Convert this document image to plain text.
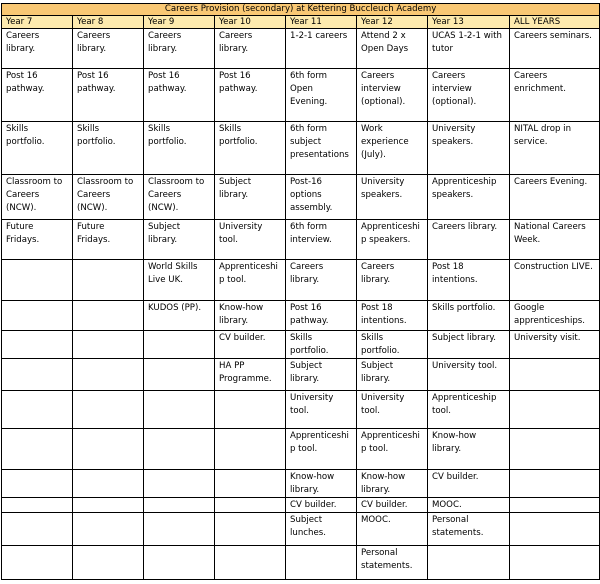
Careers Provision (secondary) at Kettering Buccleuch Academy							
Year 7	Year 8	Year 9	Year 10	Year 11	Year 12	Year 13	ALL YEARS
Careers library.	Careers library.	Careers library.	Careers library.	1-2-1 careers	Attend 2 x Open Days	UCAS 1-2-1 with tutor	Careers seminars.
Post 16 pathway.	Post 16 pathway.	Post 16 pathway.	Post 16 pathway.	6th form Open Evening.	Careers interview (optional).	Careers interview (optional).	Careers enrichment.
Skills portfolio.	Skills portfolio.	Skills portfolio.	Skills portfolio.	6th form subject presentations	Work experience (July).	University speakers.	NITAL drop in service.
Classroom to Careers (NCW).	Classroom to Careers (NCW).	Classroom to Careers (NCW).	Subject library.	Post-16 options assembly.	University speakers.	Apprenticeship speakers.	Careers Evening.
Future Fridays.	Future Fridays.	Subject library.	University tool.	6th form interview.	Apprenticeship speakers.	Careers library.	National Careers Week.
		World Skills Live UK.	Apprenticeship tool.	Careers library.	Careers library.	Post 18 intentions.	Construction LIVE.
		KUDOS (PP).	Know-how library.	Post 16 pathway.	Post 18 intentions.	Skills portfolio.	Google apprenticeships.
			CV builder.	Skills portfolio.	Skills portfolio.	Subject library.	University visit.
			HA PP Programme.	Subject library.	Subject library.	University tool.	
				University tool.	University tool.	Apprenticeship tool.	
				Apprenticeship tool.	Apprenticeship tool.	Know-how library.	
				Know-how library.	Know-how library.	CV builder.	
				CV builder.	CV builder.	MOOC.	
				Subject lunches.	MOOC.	Personal statements.	
					Personal statements.		
